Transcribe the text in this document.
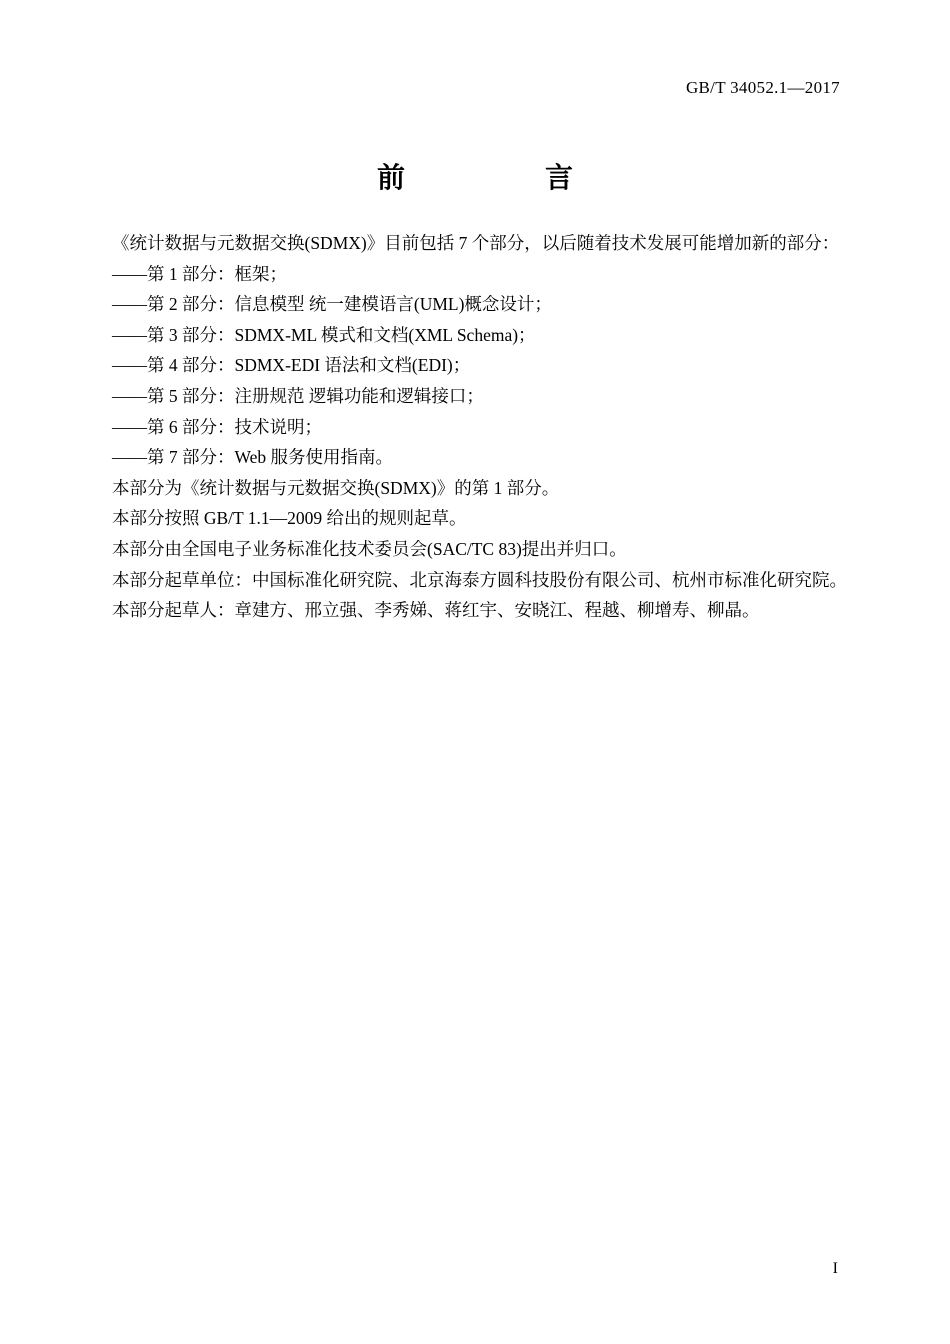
GB/T 34052.1—2017
前　　言
《统计数据与元数据交换(SDMX)》目前包括 7 个部分，以后随着技术发展可能增加新的部分：
——第 1 部分：框架；
——第 2 部分：信息模型 统一建模语言(UML)概念设计；
——第 3 部分：SDMX-ML 模式和文档(XML Schema)；
——第 4 部分：SDMX-EDI 语法和文档(EDI)；
——第 5 部分：注册规范 逻辑功能和逻辑接口；
——第 6 部分：技术说明；
——第 7 部分：Web 服务使用指南。
本部分为《统计数据与元数据交换(SDMX)》的第 1 部分。
本部分按照 GB/T 1.1—2009 给出的规则起草。
本部分由全国电子业务标准化技术委员会(SAC/TC 83)提出并归口。
本部分起草单位：中国标准化研究院、北京海泰方圆科技股份有限公司、杭州市标准化研究院。
本部分起草人：章建方、邢立强、李秀娣、蒋红宇、安晓江、程越、柳增寿、柳晶。
I
